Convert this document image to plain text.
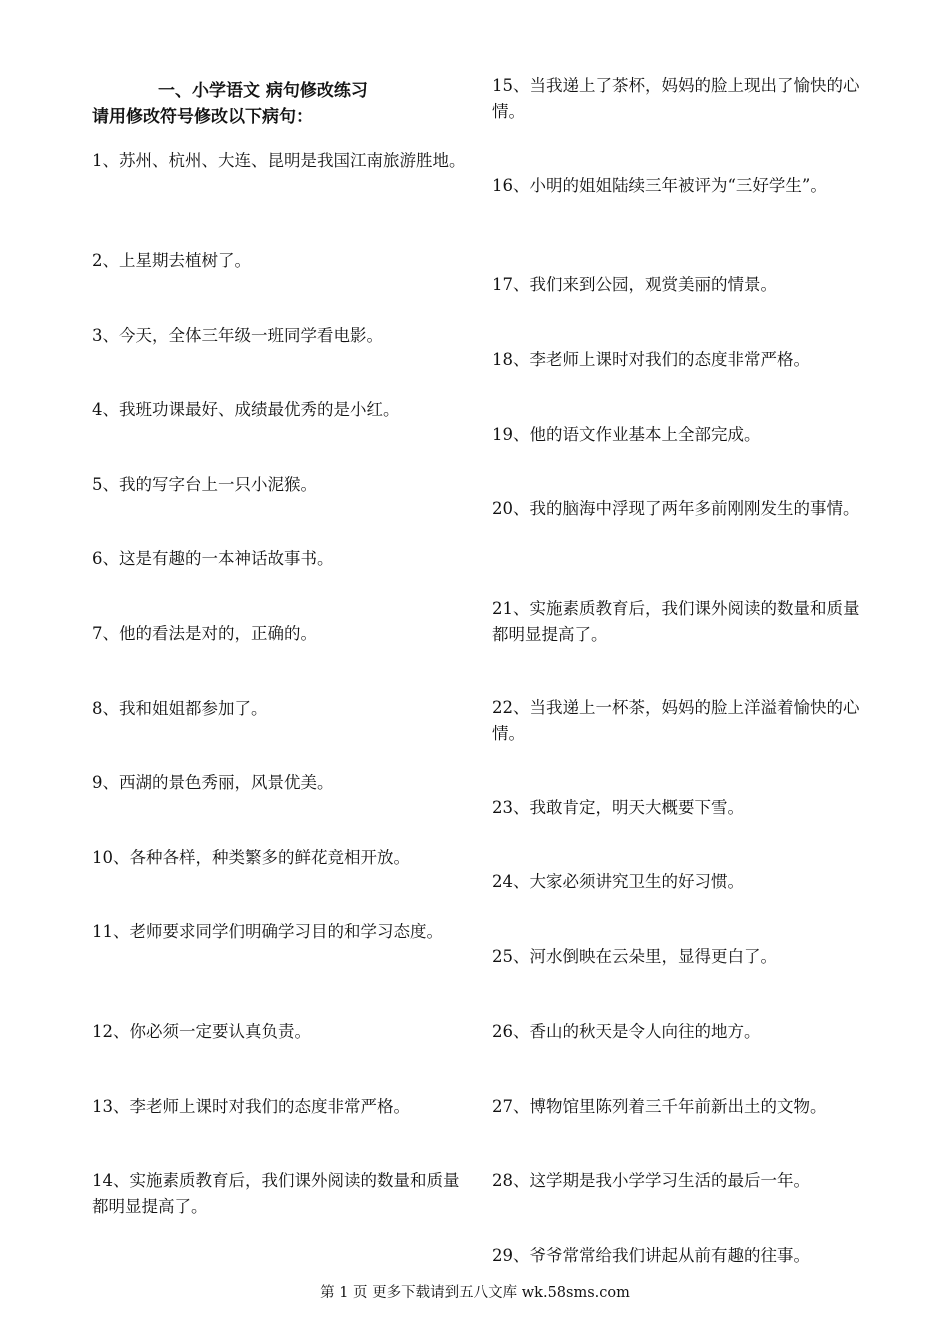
一、小学语文 病句修改练习
请用修改符号修改以下病句：
1、苏州、杭州、大连、昆明是我国江南旅游胜地。
2、上星期去植树了。
3、今天，全体三年级一班同学看电影。
4、我班功课最好、成绩最优秀的是小红。
5、我的写字台上一只小泥猴。
6、这是有趣的一本神话故事书。
7、他的看法是对的，正确的。
8、我和姐姐都参加了。
9、西湖的景色秀丽，风景优美。
10、各种各样，种类繁多的鲜花竞相开放。
11、老师要求同学们明确学习目的和学习态度。
12、你必须一定要认真负责。
13、李老师上课时对我们的态度非常严格。
14、实施素质教育后，我们课外阅读的数量和质量都明显提高了。
15、当我递上了茶杯，妈妈的脸上现出了愉快的心情。
16、小明的姐姐陆续三年被评为“三好学生”。
17、我们来到公园，观赏美丽的情景。
18、李老师上课时对我们的态度非常严格。
19、他的语文作业基本上全部完成。
20、我的脑海中浮现了两年多前刚刚发生的事情。
21、实施素质教育后，我们课外阅读的数量和质量都明显提高了。
22、当我递上一杯茶，妈妈的脸上洋溢着愉快的心情。
23、我敢肯定，明天大概要下雪。
24、大家必须讲究卫生的好习惯。
25、河水倒映在云朵里，显得更白了。
26、香山的秋天是令人向往的地方。
27、博物馆里陈列着三千年前新出土的文物。
28、这学期是我小学学习生活的最后一年。
29、爷爷常常给我们讲起从前有趣的往事。
第 1 页 更多下载请到五八文库 wk.58sms.com
